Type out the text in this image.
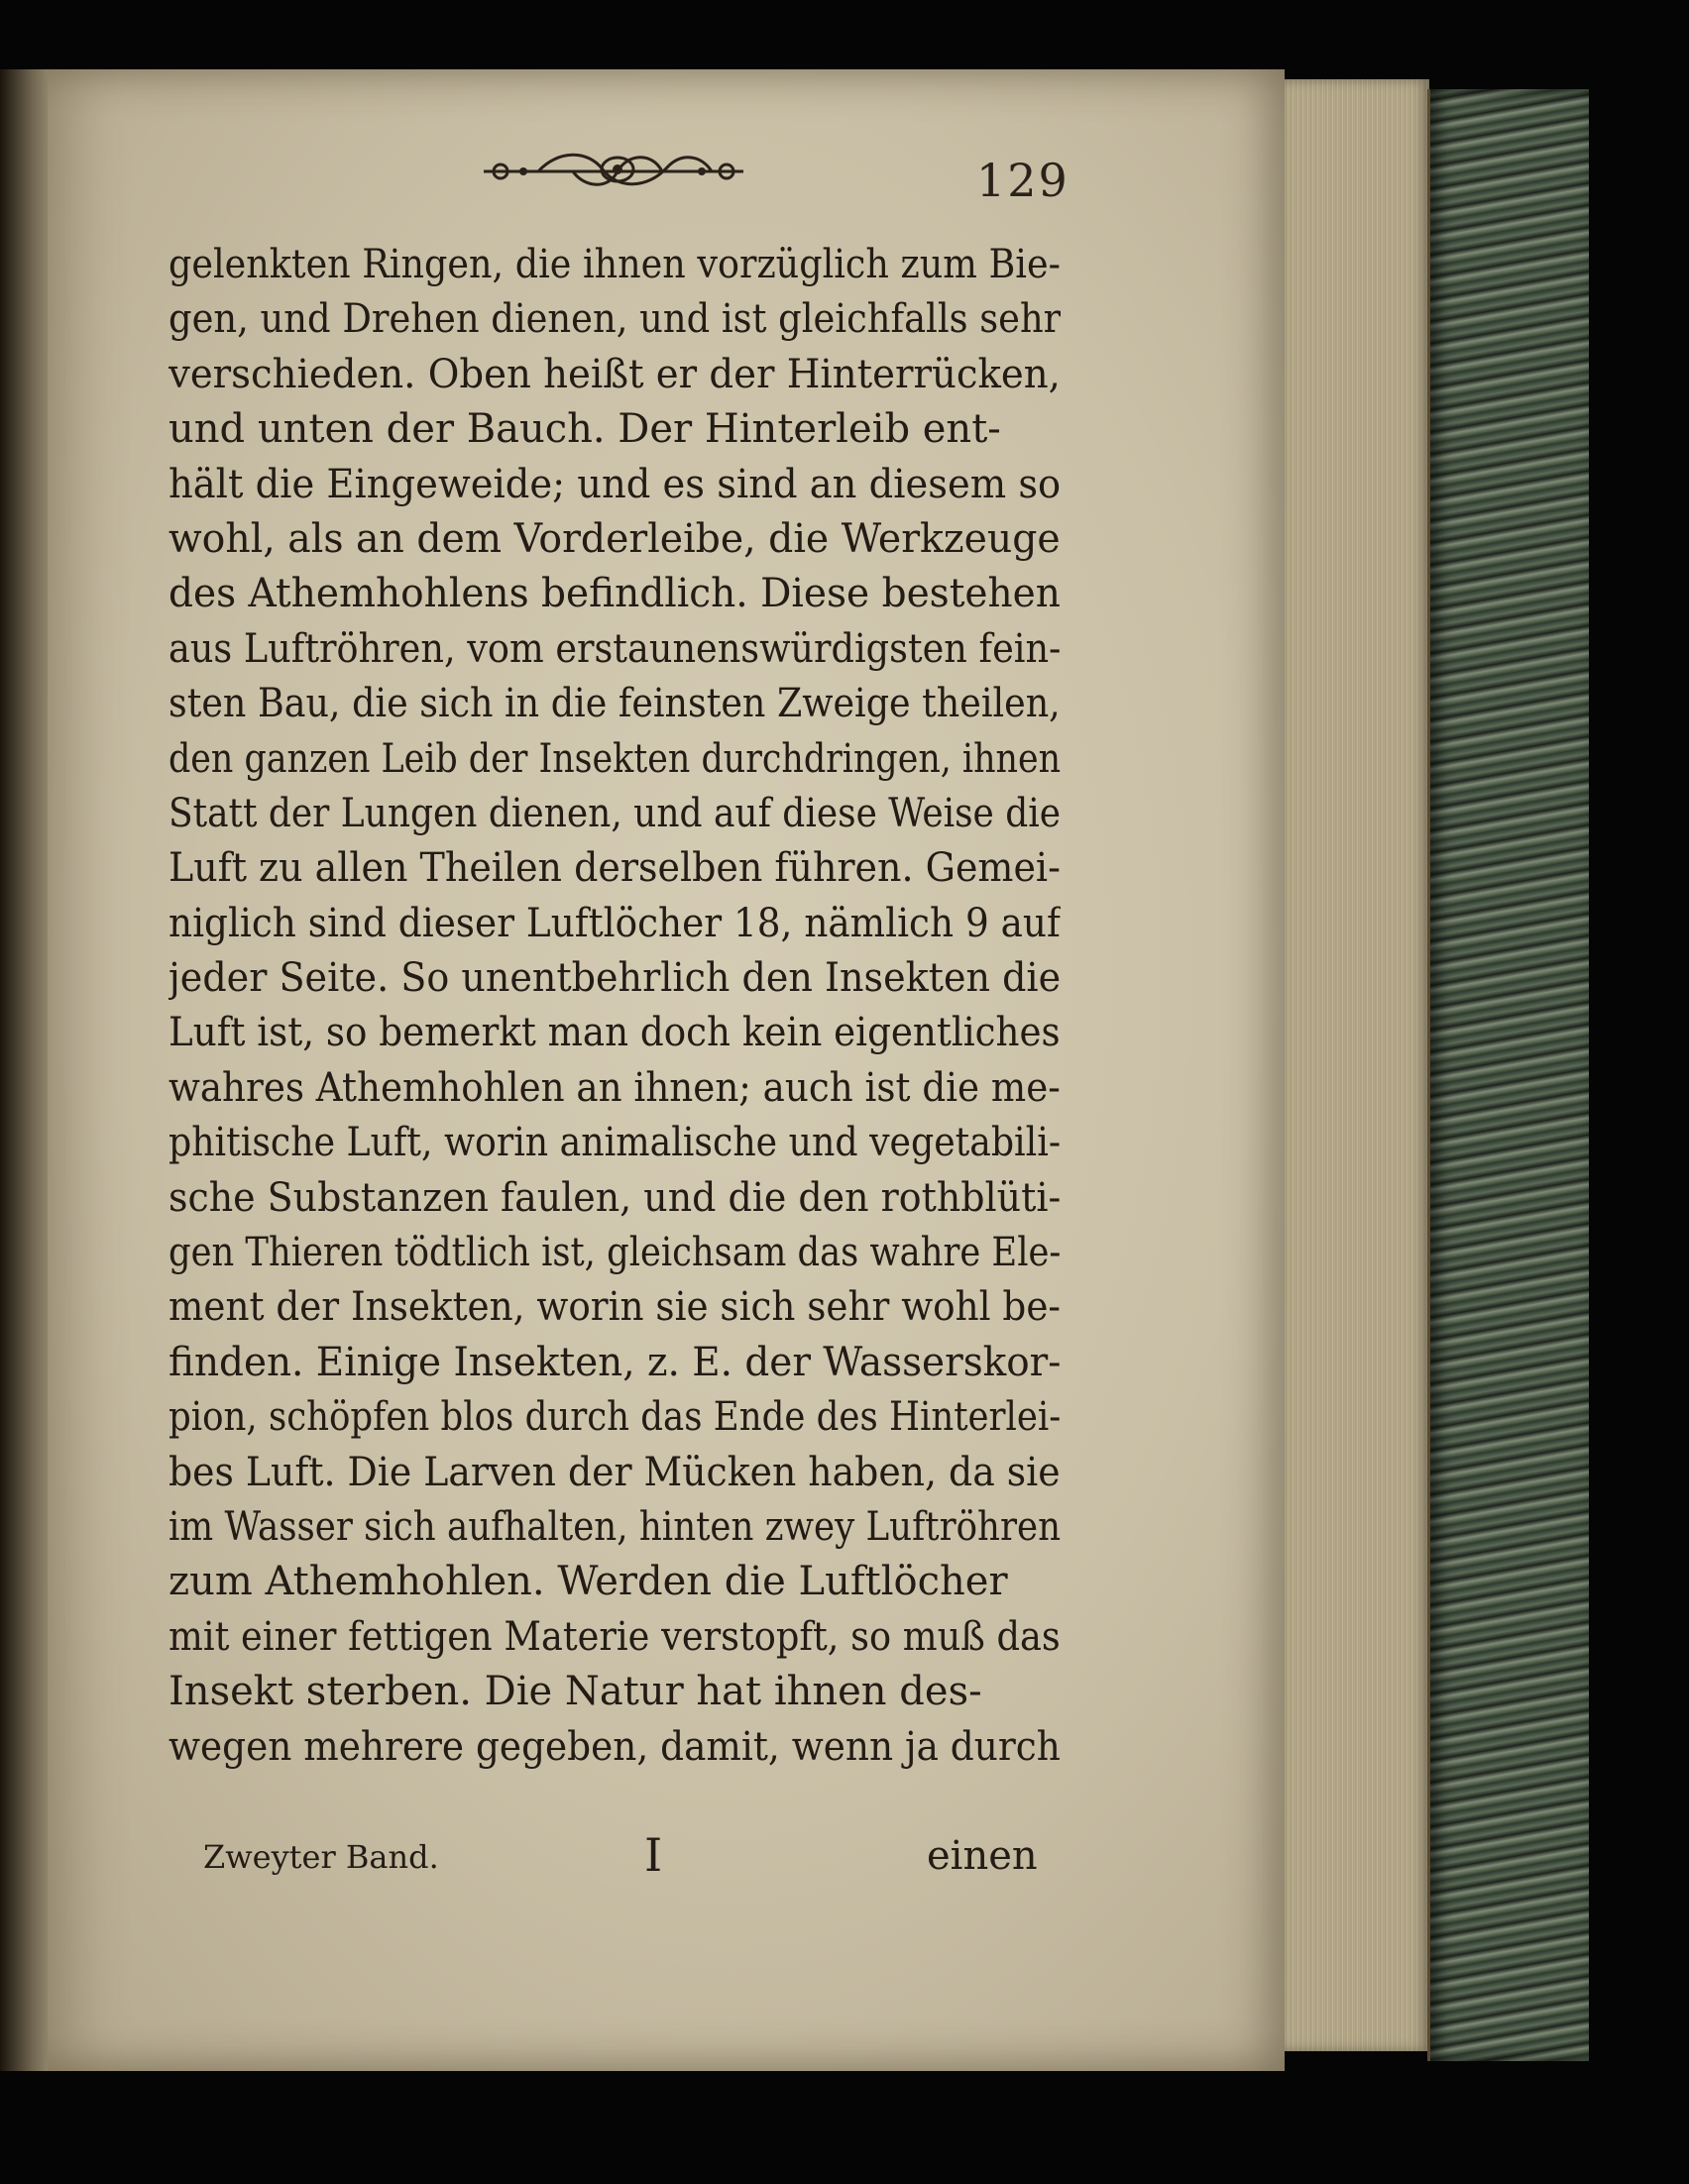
129
gelenkten Ringen, die ihnen vorzüglich zum Bie-
gen, und Drehen dienen, und ist gleichfalls sehr
verschieden. Oben heißt er der Hinterrücken,
und unten der Bauch. Der Hinterleib ent-
hält die Eingeweide; und es sind an diesem so
wohl, als an dem Vorderleibe, die Werkzeuge
des Athemhohlens befindlich. Diese bestehen
aus Luftröhren, vom erstaunenswürdigsten fein-
sten Bau, die sich in die feinsten Zweige theilen,
den ganzen Leib der Insekten durchdringen, ihnen
Statt der Lungen dienen, und auf diese Weise die
Luft zu allen Theilen derselben führen. Gemei-
niglich sind dieser Luftlöcher 18, nämlich 9 auf
jeder Seite. So unentbehrlich den Insekten die
Luft ist, so bemerkt man doch kein eigentliches
wahres Athemhohlen an ihnen; auch ist die me-
phitische Luft, worin animalische und vegetabili-
sche Substanzen faulen, und die den rothblüti-
gen Thieren tödtlich ist, gleichsam das wahre Ele-
ment der Insekten, worin sie sich sehr wohl be-
finden. Einige Insekten, z. E. der Wasserskor-
pion, schöpfen blos durch das Ende des Hinterlei-
bes Luft. Die Larven der Mücken haben, da sie
im Wasser sich aufhalten, hinten zwey Luftröhren
zum Athemhohlen. Werden die Luftlöcher
mit einer fettigen Materie verstopft, so muß das
Insekt sterben. Die Natur hat ihnen des-
wegen mehrere gegeben, damit, wenn ja durch
Zweyter Band.	I	einen
